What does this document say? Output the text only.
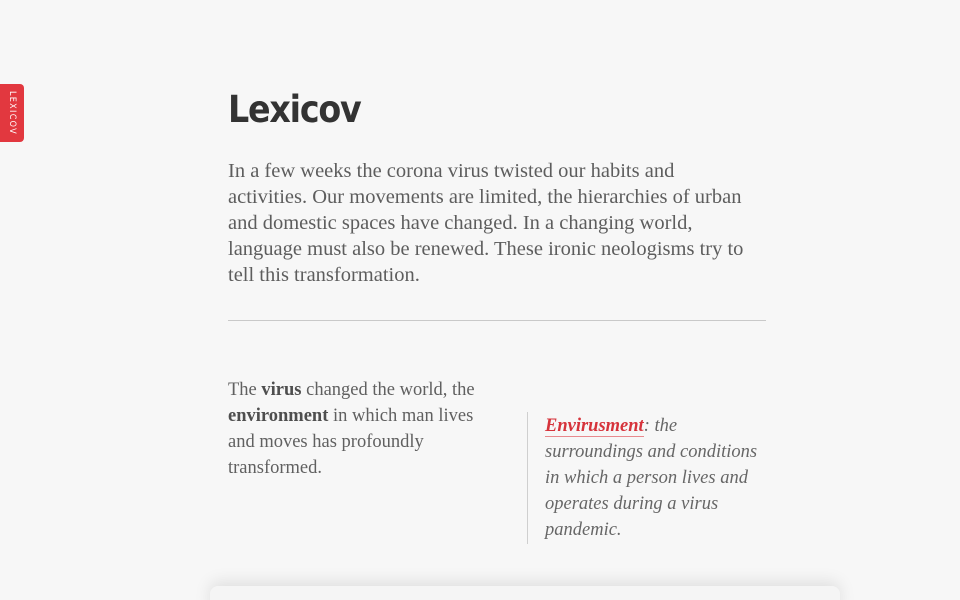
LEXICOV	Lexicov

In a few weeks the corona virus twisted our habits and activities. Our movements are limited, the hierarchies of urban and domestic spaces have changed. In a changing world, language must also be renewed. These ironic neologisms try to tell this transformation.

The virus changed the world, the environment in which man lives and moves has profoundly transformed.

Envirusment: the surroundings and conditions in which a person lives and operates during a virus pandemic.
